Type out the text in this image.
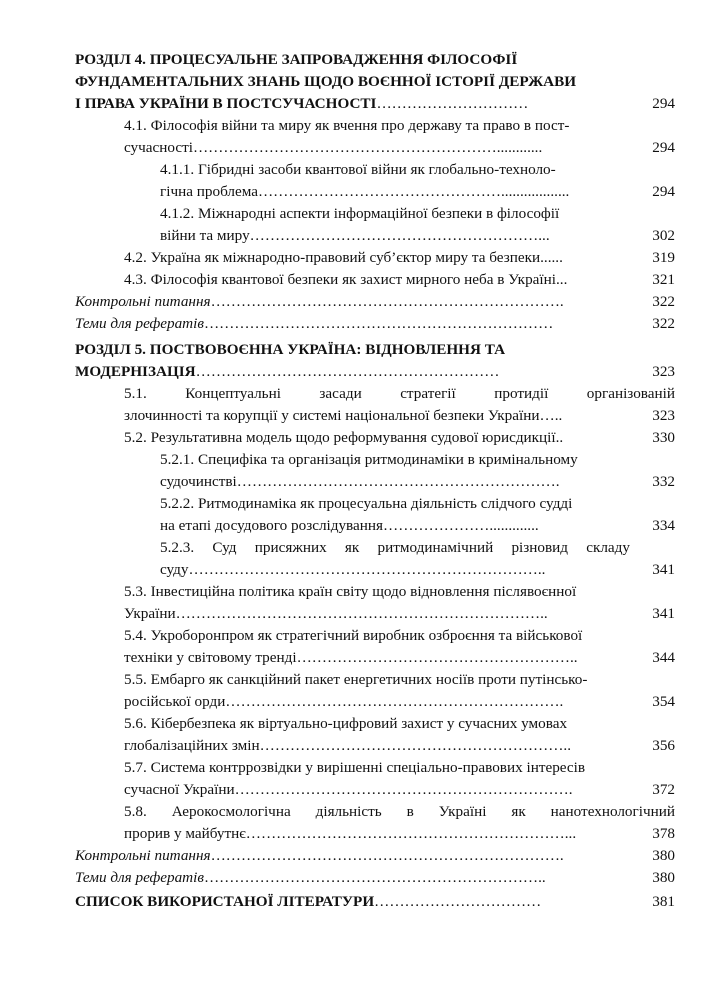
РОЗДІЛ 4. ПРОЦЕСУАЛЬНЕ ЗАПРОВАДЖЕННЯ ФІЛОСОФІЇ
ФУНДАМЕНТАЛЬНИХ ЗНАНЬ ЩОДО ВОЄННОЇ ІСТОРІЇ ДЕРЖАВИ
І ПРАВА УКРАЇНИ В ПОСТСУЧАСНОСТІ…………………………	294
4.1. Філософія війни та миру як вчення про державу та право в пост-
сучасності……………………………………………………............	294
4.1.1. Гібридні засоби квантової війни як глобально-техноло-
гічна проблема…………………………………………..................	294
4.1.2. Міжнародні аспекти інформаційної безпеки в філософії
війни та миру…………………………………………………...	302
4.2. Україна як міжнародно-правовий суб’єктор миру та безпеки......	319
4.3. Філософія квантової безпеки як захист мирного неба в Україні...	321
Контрольні питання…………………………………………………………….	322
Теми для рефератів……………………………………………………………	322
РОЗДІЛ 5. ПОСТВОВОЄННА УКРАЇНА: ВІДНОВЛЕННЯ ТА
МОДЕРНІЗАЦІЯ……………………………………………………	323
5.1. Концептуальні засади стратегії протидії організованій
злочинності та корупції у системі національної безпеки України…..	323
5.2. Результативна модель щодо реформування судової юрисдикції..	330
5.2.1. Специфіка та організація ритмодинаміки в кримінальному
судочинстві……………………………………………………….	332
5.2.2. Ритмодинаміка як процесуальна діяльність слідчого судді
на етапі досудового розслідування………………….............	334
5.2.3. Суд присяжних як ритмодинамічний різновид складу
суду……………………………………………………………..	341
5.3. Інвестиційна політика країн світу щодо відновлення післявоєнної
України………………………………………………………………..	341
5.4. Укроборонпром як стратегічний виробник озброєння та військової
техніки у світовому тренді………………………………………………..	344
5.5. Ембарго як санкційний пакет енергетичних носіїв проти путінсько-
російської орди………………………………………………………….	354
5.6. Кібербезпека як віртуально-цифровий захист у сучасних умовах
глобалізаційних змін……………………………………………………..	356
5.7. Система контррозвідки у вирішенні спеціально-правових інтересів
сучасної України………………………………………………………….	372
5.8. Аерокосмологічна діяльність в Україні як нанотехнологічний
прорив у майбутнє………………………………………………………...	378
Контрольні питання…………………………………………………………….	380
Теми для рефератів…………………………………………………………..	380
СПИСОК ВИКОРИСТАНОЇ ЛІТЕРАТУРИ……………………………	381
